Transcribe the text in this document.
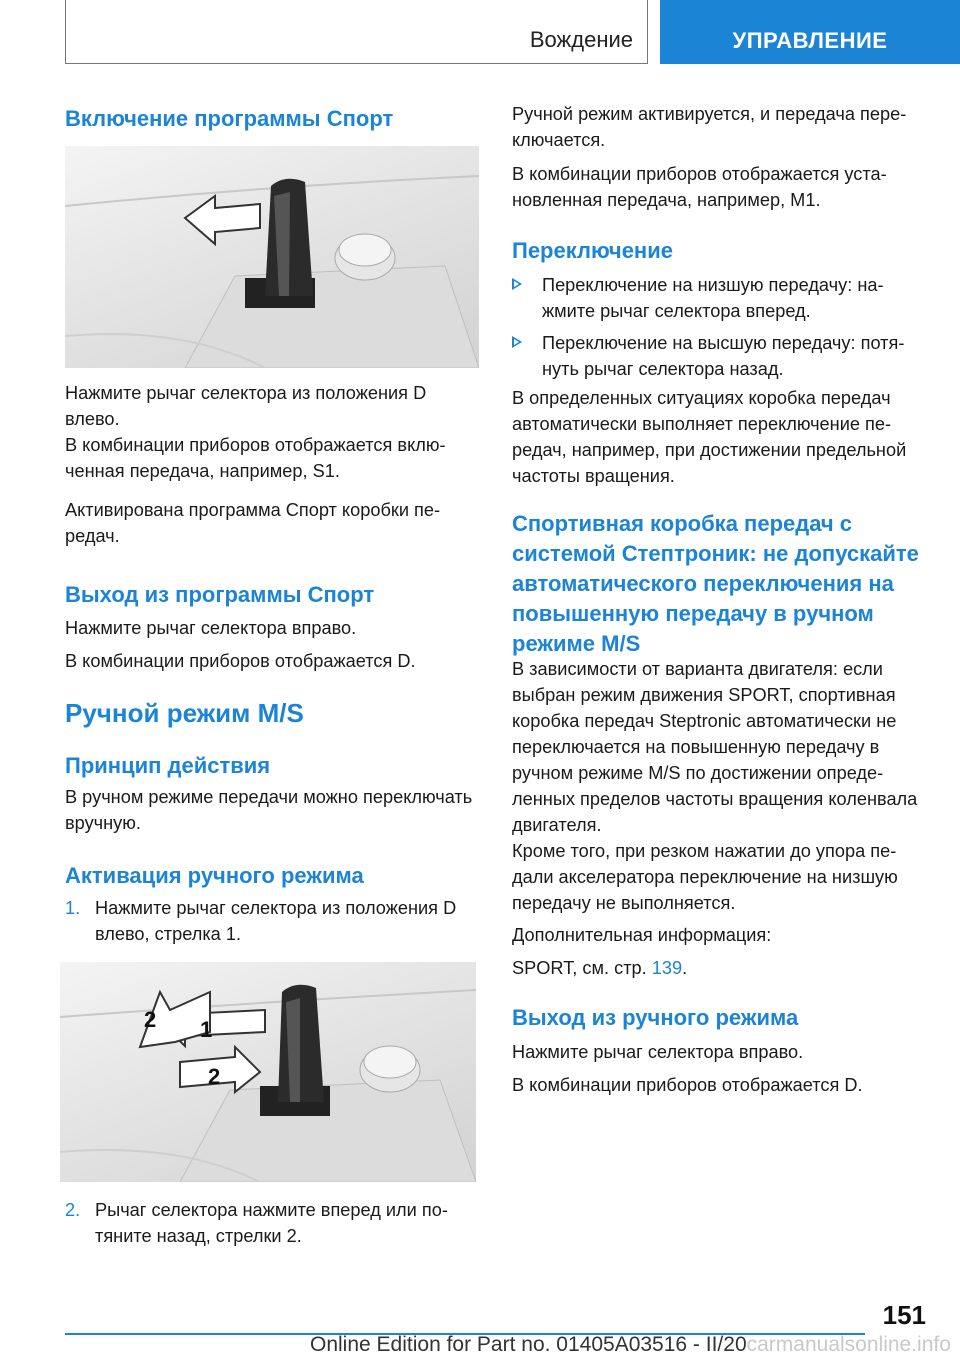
Вождение	УПРАВЛЕНИЕ
Включение программы Спорт
Нажмите рычаг селектора из положения D влево.
В комбинации приборов отображается включенная передача, например, S1.
Активирована программа Спорт коробки передач.
Выход из программы Спорт
Нажмите рычаг селектора вправо.
В комбинации приборов отображается D.
Ручной режим M/S
Принцип действия
В ручном режиме передачи можно переключать вручную.
Активация ручного режима
1. Нажмите рычаг селектора из положения D влево, стрелка 1.
1
2
2
2. Рычаг селектора нажмите вперед или потяните назад, стрелки 2.
Ручной режим активируется, и передача переключается.
В комбинации приборов отображается установленная передача, например, M1.
Переключение
Переключение на низшую передачу: нажмите рычаг селектора вперед.
Переключение на высшую передачу: потянуть рычаг селектора назад.
В определенных ситуациях коробка передач автоматически выполняет переключение передач, например, при достижении предельной частоты вращения.
Спортивная коробка передач с системой Стептроник: не допускайте автоматического переключения на повышенную передачу в ручном режиме M/S
В зависимости от варианта двигателя: если выбран режим движения SPORT, спортивная коробка передач Steptronic автоматически не переключается на повышенную передачу в ручном режиме M/S по достижении определенных пределов частоты вращения коленвала двигателя.
Кроме того, при резком нажатии до упора педали акселератора переключение на низшую передачу не выполняется.
Дополнительная информация:
SPORT, см. стр. 139.
Выход из ручного режима
Нажмите рычаг селектора вправо.
В комбинации приборов отображается D.
151
Online Edition for Part no. 01405A03516 - II/20carmanualsonline.info
